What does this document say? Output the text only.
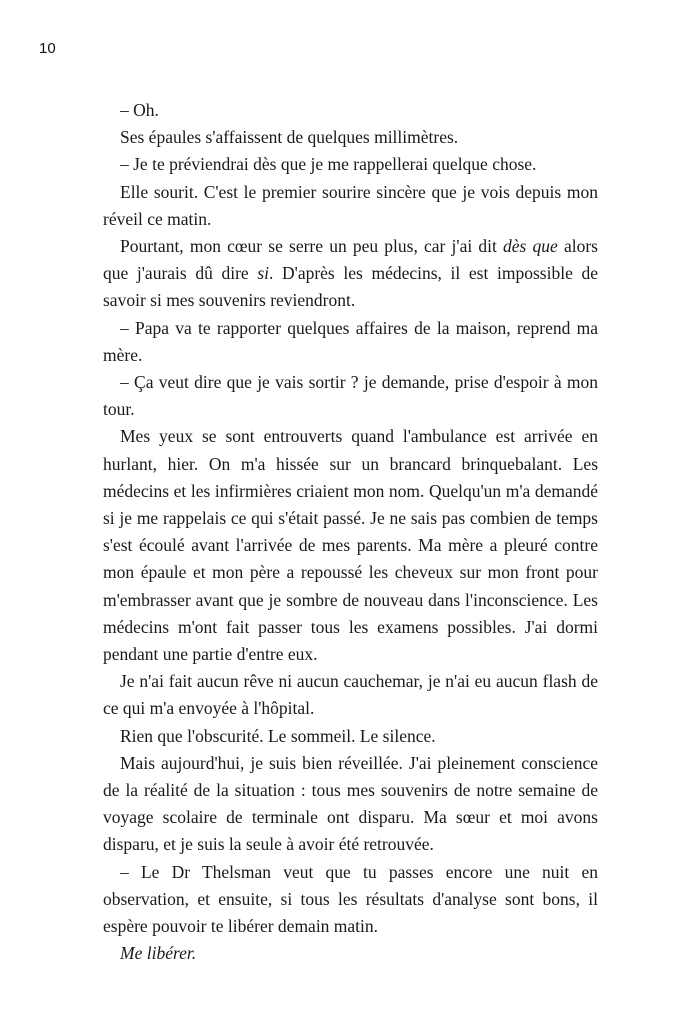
10

– Oh.

Ses épaules s'affaissent de quelques millimètres.

– Je te préviendrai dès que je me rappellerai quelque chose.

Elle sourit. C'est le premier sourire sincère que je vois depuis mon réveil ce matin.

Pourtant, mon cœur se serre un peu plus, car j'ai dit dès que alors que j'aurais dû dire si. D'après les médecins, il est impossible de savoir si mes souvenirs reviendront.

– Papa va te rapporter quelques affaires de la maison, reprend ma mère.

– Ça veut dire que je vais sortir ? je demande, prise d'espoir à mon tour.

Mes yeux se sont entrouverts quand l'ambulance est arrivée en hurlant, hier. On m'a hissée sur un brancard brinquebalant. Les médecins et les infirmières criaient mon nom. Quelqu'un m'a demandé si je me rappelais ce qui s'était passé. Je ne sais pas combien de temps s'est écoulé avant l'arrivée de mes parents. Ma mère a pleuré contre mon épaule et mon père a repoussé les cheveux sur mon front pour m'embrasser avant que je sombre de nouveau dans l'inconscience. Les médecins m'ont fait passer tous les examens possibles. J'ai dormi pendant une partie d'entre eux.

Je n'ai fait aucun rêve ni aucun cauchemar, je n'ai eu aucun flash de ce qui m'a envoyée à l'hôpital.

Rien que l'obscurité. Le sommeil. Le silence.

Mais aujourd'hui, je suis bien réveillée. J'ai pleinement conscience de la réalité de la situation : tous mes souvenirs de notre semaine de voyage scolaire de terminale ont disparu. Ma sœur et moi avons disparu, et je suis la seule à avoir été retrouvée.

– Le Dr Thelsman veut que tu passes encore une nuit en observation, et ensuite, si tous les résultats d'analyse sont bons, il espère pouvoir te libérer demain matin.

Me libérer.
